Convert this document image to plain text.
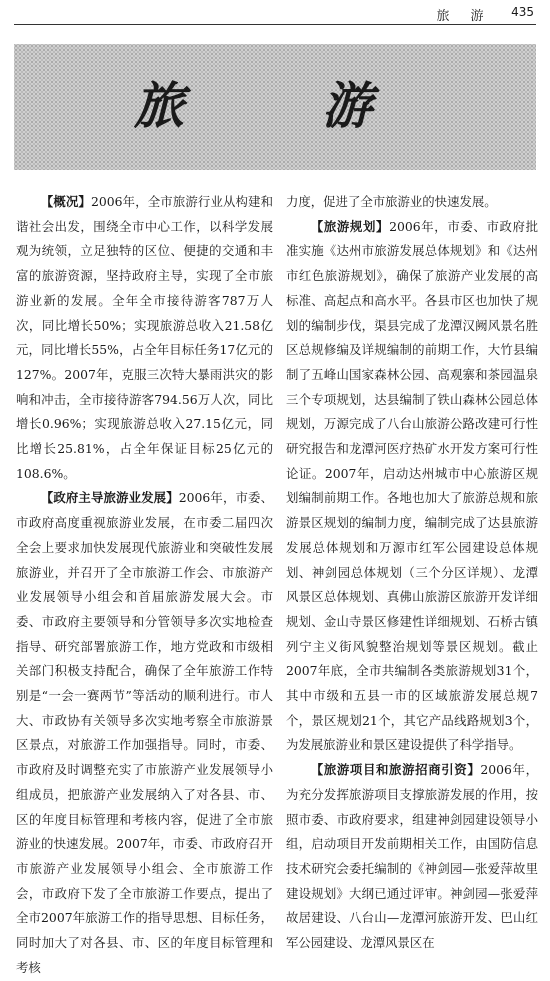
旅　游	435
旅　游

【概况】2006年，全市旅游行业从构建和谐社会出发，围绕全市中心工作，以科学发展观为统领，立足独特的区位、便捷的交通和丰富的旅游资源，坚持政府主导，实现了全市旅游业新的发展。全年全市接待游客787万人次，同比增长50%；实现旅游总收入21.58亿元，同比增长55%，占全年目标任务17亿元的127%。2007年，克服三次特大暴雨洪灾的影响和冲击，全市接待游客794.56万人次，同比增长0.96%；实现旅游总收入27.15亿元，同比增长25.81%，占全年保证目标25亿元的108.6%。

【政府主导旅游业发展】2006年，市委、市政府高度重视旅游业发展，在市委二届四次全会上要求加快发展现代旅游业和突破性发展旅游业，并召开了全市旅游工作会、市旅游产业发展领导小组会和首届旅游发展大会。市委、市政府主要领导和分管领导多次实地检查指导、研究部署旅游工作，地方党政和市级相关部门积极支持配合，确保了全年旅游工作特别是“一会一赛两节”等活动的顺利进行。市人大、市政协有关领导多次实地考察全市旅游景区景点，对旅游工作加强指导。同时，市委、市政府及时调整充实了市旅游产业发展领导小组成员，把旅游产业发展纳入了对各县、市、区的年度目标管理和考核内容，促进了全市旅游业的快速发展。2007年，市委、市政府召开市旅游产业发展领导小组会、全市旅游工作会，市政府下发了全市旅游工作要点，提出了全市2007年旅游工作的指导思想、目标任务，同时加大了对各县、市、区的年度目标管理和考核

力度，促进了全市旅游业的快速发展。

【旅游规划】2006年，市委、市政府批准实施《达州市旅游发展总体规划》和《达州市红色旅游规划》，确保了旅游产业发展的高标准、高起点和高水平。各县市区也加快了规划的编制步伐，渠县完成了龙潭汉阙风景名胜区总规修编及详规编制的前期工作，大竹县编制了五峰山国家森林公园、高观寨和茶园温泉三个专项规划，达县编制了铁山森林公园总体规划，万源完成了八台山旅游公路改建可行性研究报告和龙潭河医疗热矿水开发方案可行性论证。2007年，启动达州城市中心旅游区规划编制前期工作。各地也加大了旅游总规和旅游景区规划的编制力度，编制完成了达县旅游发展总体规划和万源市红军公园建设总体规划、神剑园总体规划（三个分区详规）、龙潭风景区总体规划、真佛山旅游区旅游开发详细规划、金山寺景区修建性详细规划、石桥古镇列宁主义街风貌整治规划等景区规划。截止2007年底，全市共编制各类旅游规划31个，其中市级和五县一市的区域旅游发展总规7个，景区规划21个，其它产品线路规划3个，为发展旅游业和景区建设提供了科学指导。

【旅游项目和旅游招商引资】2006年，为充分发挥旅游项目支撑旅游发展的作用，按照市委、市政府要求，组建神剑园建设领导小组，启动项目开发前期相关工作，由国防信息技术研究会委托编制的《神剑园—张爱萍故里建设规划》大纲已通过评审。神剑园—张爱萍故居建设、八台山—龙潭河旅游开发、巴山红军公园建设、龙潭风景区在
